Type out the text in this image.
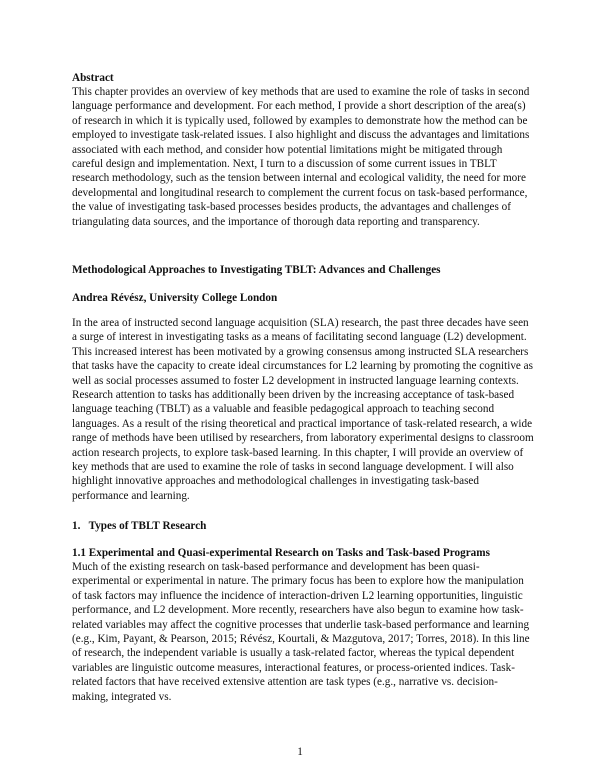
Abstract

This chapter provides an overview of key methods that are used to examine the role of tasks in second language performance and development. For each method, I provide a short description of the area(s) of research in which it is typically used, followed by examples to demonstrate how the method can be employed to investigate task-related issues. I also highlight and discuss the advantages and limitations associated with each method, and consider how potential limitations might be mitigated through careful design and implementation. Next, I turn to a discussion of some current issues in TBLT research methodology, such as the tension between internal and ecological validity, the need for more developmental and longitudinal research to complement the current focus on task-based performance, the value of investigating task-based processes besides products, the advantages and challenges of triangulating data sources, and the importance of thorough data reporting and transparency.

Methodological Approaches to Investigating TBLT: Advances and Challenges
Andrea Révész, University College London

In the area of instructed second language acquisition (SLA) research, the past three decades have seen a surge of interest in investigating tasks as a means of facilitating second language (L2) development. This increased interest has been motivated by a growing consensus among instructed SLA researchers that tasks have the capacity to create ideal circumstances for L2 learning by promoting the cognitive as well as social processes assumed to foster L2 development in instructed language learning contexts. Research attention to tasks has additionally been driven by the increasing acceptance of task-based language teaching (TBLT) as a valuable and feasible pedagogical approach to teaching second languages. As a result of the rising theoretical and practical importance of task-related research, a wide range of methods have been utilised by researchers, from laboratory experimental designs to classroom action research projects, to explore task-based learning. In this chapter, I will provide an overview of key methods that are used to examine the role of tasks in second language development. I will also highlight innovative approaches and methodological challenges in investigating task-based performance and learning.

1.   Types of TBLT Research
1.1 Experimental and Quasi-experimental Research on Tasks and Task-based Programs

Much of the existing research on task-based performance and development has been quasi-experimental or experimental in nature. The primary focus has been to explore how the manipulation of task factors may influence the incidence of interaction-driven L2 learning opportunities, linguistic performance, and L2 development. More recently, researchers have also begun to examine how task-related variables may affect the cognitive processes that underlie task-based performance and learning (e.g., Kim, Payant, & Pearson, 2015; Révész, Kourtali, & Mazgutova, 2017; Torres, 2018). In this line of research, the independent variable is usually a task-related factor, whereas the typical dependent variables are linguistic outcome measures, interactional features, or process-oriented indices. Task-related factors that have received extensive attention are task types (e.g., narrative vs. decision-making, integrated vs.

1
